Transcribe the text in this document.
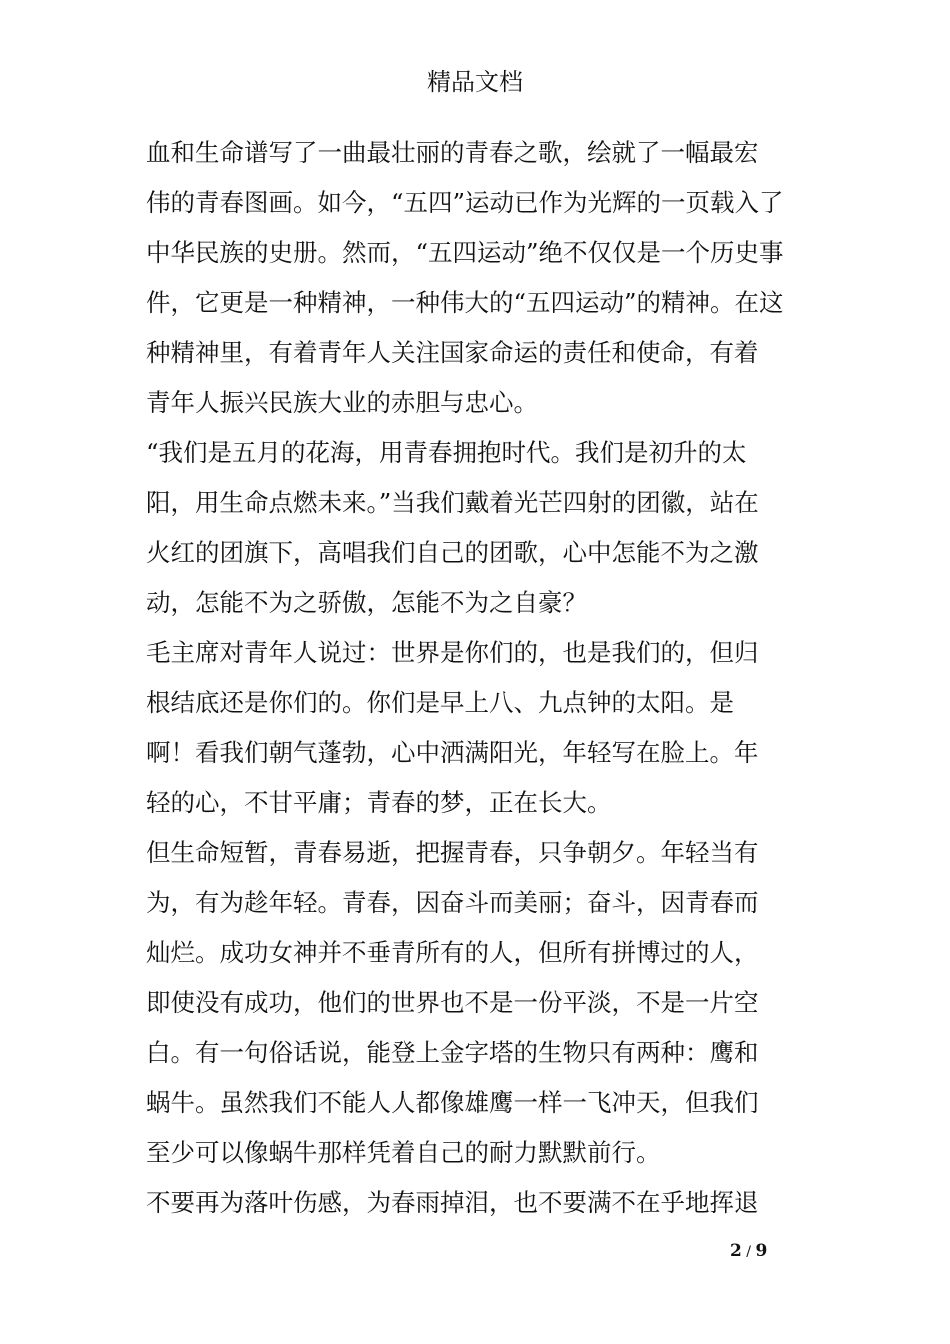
精品文档
血和生命谱写了一曲最壮丽的青春之歌，绘就了一幅最宏
伟的青春图画。如今，“五四”运动已作为光辉的一页载入了
中华民族的史册。然而，“五四运动”绝不仅仅是一个历史事
件，它更是一种精神，一种伟大的“五四运动”的精神。在这
种精神里，有着青年人关注国家命运的责任和使命，有着
青年人振兴民族大业的赤胆与忠心。
“我们是五月的花海，用青春拥抱时代。我们是初升的太
阳，用生命点燃未来。”当我们戴着光芒四射的团徽，站在
火红的团旗下，高唱我们自己的团歌，心中怎能不为之激
动，怎能不为之骄傲，怎能不为之自豪？
毛主席对青年人说过：世界是你们的，也是我们的，但归
根结底还是你们的。你们是早上八、九点钟的太阳。是
啊！看我们朝气蓬勃，心中洒满阳光，年轻写在脸上。年
轻的心，不甘平庸；青春的梦，正在长大。
但生命短暂，青春易逝，把握青春，只争朝夕。年轻当有
为，有为趁年轻。青春，因奋斗而美丽；奋斗，因青春而
灿烂。成功女神并不垂青所有的人，但所有拼博过的人，
即使没有成功，他们的世界也不是一份平淡，不是一片空
白。有一句俗话说，能登上金字塔的生物只有两种：鹰和
蜗牛。虽然我们不能人人都像雄鹰一样一飞冲天，但我们
至少可以像蜗牛那样凭着自己的耐力默默前行。
不要再为落叶伤感，为春雨掉泪，也不要满不在乎地挥退
2 / 9
